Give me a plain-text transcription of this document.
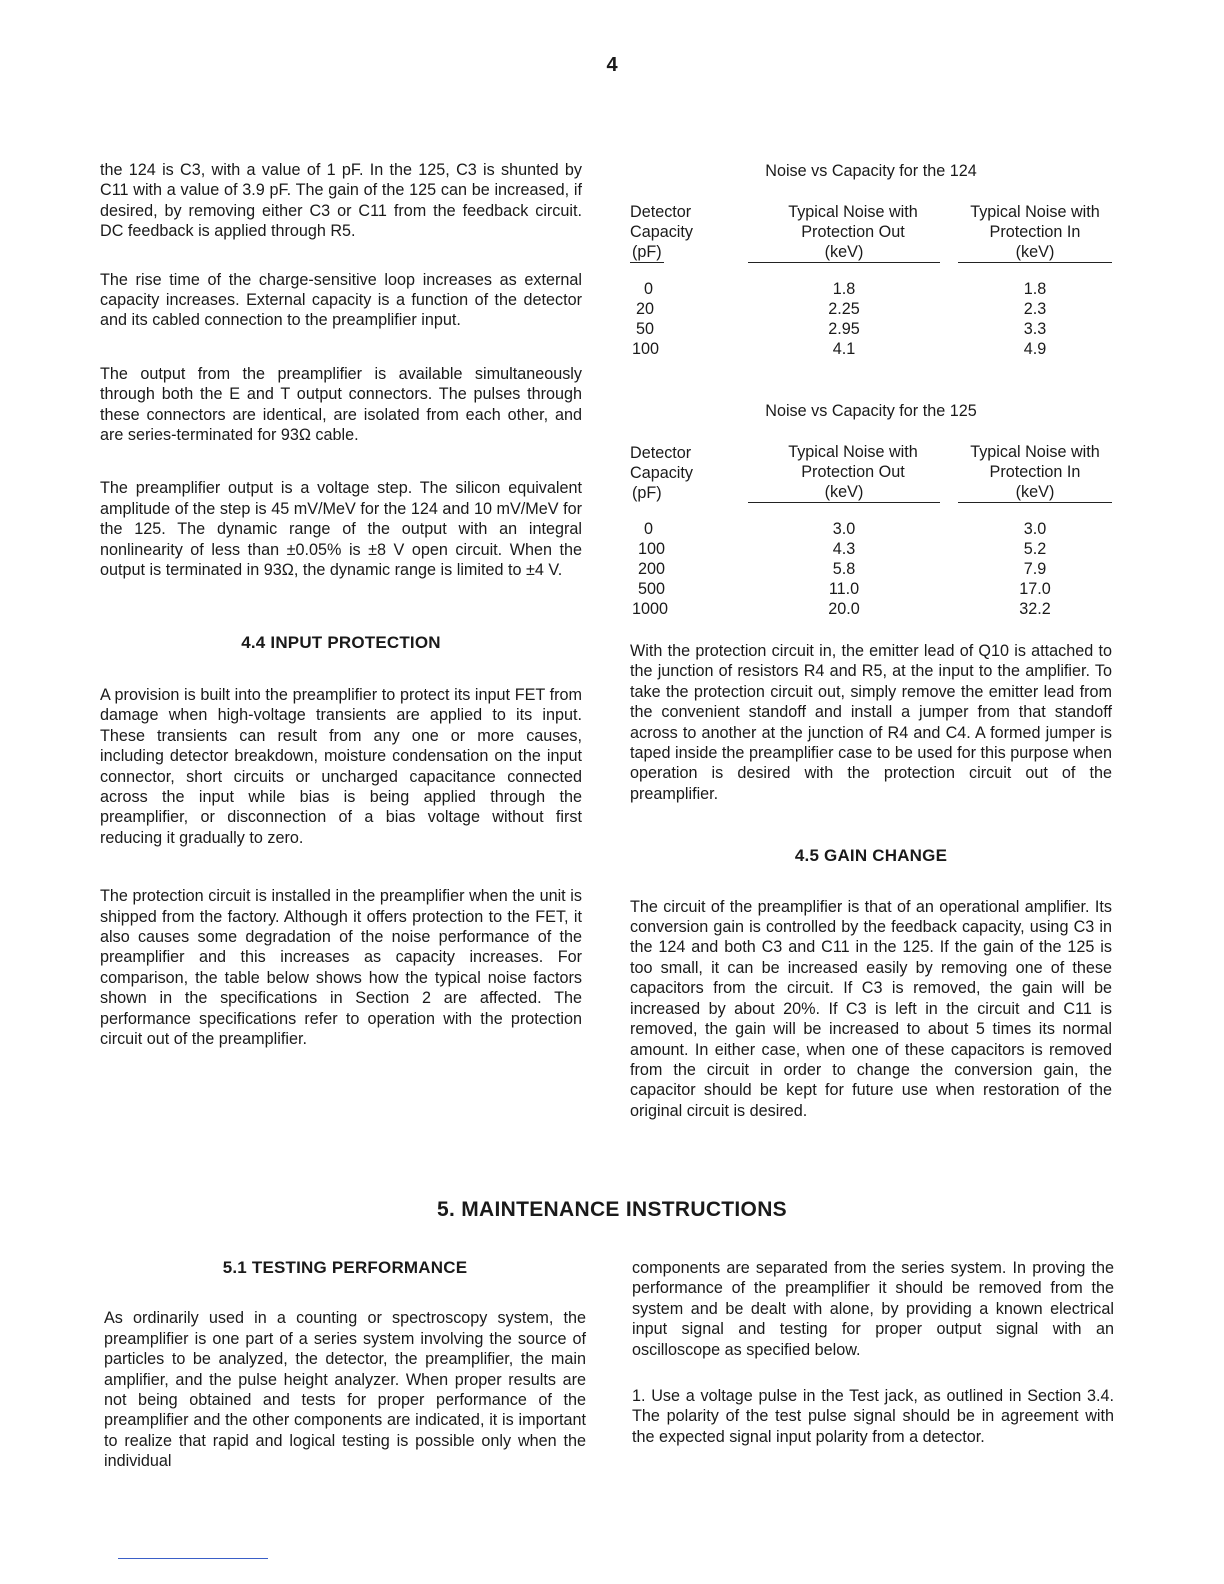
4

the 124 is C3, with a value of 1 pF. In the 125, C3 is shunted by C11 with a value of 3.9 pF. The gain of the 125 can be increased, if desired, by removing either C3 or C11 from the feedback circuit. DC feedback is applied through R5.

The rise time of the charge-sensitive loop increases as external capacity increases. External capacity is a function of the detector and its cabled connection to the preamplifier input.

The output from the preamplifier is available simultaneously through both the E and T output connectors. The pulses through these connectors are identical, are isolated from each other, and are series-terminated for 93Ω cable.

The preamplifier output is a voltage step. The silicon equivalent amplitude of the step is 45 mV/MeV for the 124 and 10 mV/MeV for the 125. The dynamic range of the output with an integral nonlinearity of less than ±0.05% is ±8 V open circuit. When the output is terminated in 93Ω, the dynamic range is limited to ±4 V.

4.4 INPUT PROTECTION

A provision is built into the preamplifier to protect its input FET from damage when high-voltage transients are applied to its input. These transients can result from any one or more causes, including detector breakdown, moisture condensation on the input connector, short circuits or uncharged capacitance connected across the input while bias is being applied through the preamplifier, or disconnection of a bias voltage without first reducing it gradually to zero.

The protection circuit is installed in the preamplifier when the unit is shipped from the factory. Although it offers protection to the FET, it also causes some degradation of the noise performance of the preamplifier and this increases as capacity increases. For comparison, the table below shows how the typical noise factors shown in the specifications in Section 2 are affected. The performance specifications refer to operation with the protection circuit out of the preamplifier.

Noise vs Capacity for the 124
Detector
Capacity
(pF)	Typical Noise with
Protection Out
(keV)	Typical Noise with
Protection In
(keV)

0	1.8	1.8
20	2.25	2.3
50	2.95	3.3
100	4.1	4.9
Noise vs Capacity for the 125
Detector
Capacity
(pF)	Typical Noise with
Protection Out
(keV)	Typical Noise with
Protection In
(keV)

0	3.0	3.0
100	4.3	5.2
200	5.8	7.9
500	11.0	17.0
1000	20.0	32.2

With the protection circuit in, the emitter lead of Q10 is attached to the junction of resistors R4 and R5, at the input to the amplifier. To take the protection circuit out, simply remove the emitter lead from the convenient standoff and install a jumper from that standoff across to another at the junction of R4 and C4. A formed jumper is taped inside the preamplifier case to be used for this purpose when operation is desired with the protection circuit out of the preamplifier.

4.5 GAIN CHANGE

The circuit of the preamplifier is that of an operational amplifier. Its conversion gain is controlled by the feedback capacity, using C3 in the 124 and both C3 and C11 in the 125. If the gain of the 125 is too small, it can be increased easily by removing one of these capacitors from the circuit. If C3 is removed, the gain will be increased by about 20%. If C3 is left in the circuit and C11 is removed, the gain will be increased to about 5 times its normal amount. In either case, when one of these capacitors is removed from the circuit in order to change the conversion gain, the capacitor should be kept for future use when restoration of the original circuit is desired.

5. MAINTENANCE INSTRUCTIONS
5.1 TESTING PERFORMANCE

As ordinarily used in a counting or spectroscopy system, the preamplifier is one part of a series system involving the source of particles to be analyzed, the detector, the preamplifier, the main amplifier, and the pulse height analyzer. When proper results are not being obtained and tests for proper performance of the preamplifier and the other components are indicated, it is important to realize that rapid and logical testing is possible only when the individual

components are separated from the series system. In proving the performance of the preamplifier it should be removed from the system and be dealt with alone, by providing a known electrical input signal and testing for proper output signal with an oscilloscope as specified below.

1. Use a voltage pulse in the Test jack, as outlined in Section 3.4. The polarity of the test pulse signal should be in agreement with the expected signal input polarity from a detector.
